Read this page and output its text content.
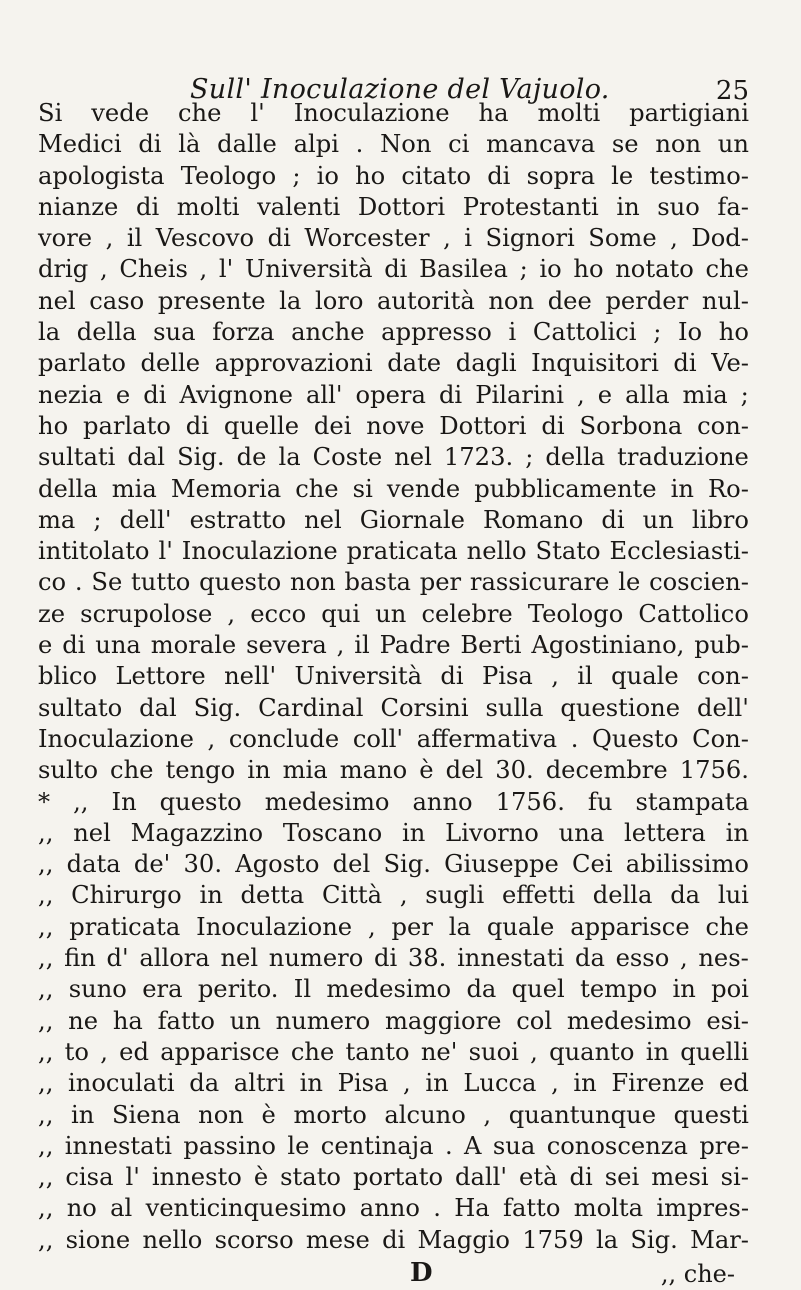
Sull' Inoculazione del Vajuolo.	25
Si vede che l' Inoculazione ha molti partigiani
Medici di là dalle alpi . Non ci mancava se non un
apologista Teologo ; io ho citato di sopra le testimo-
nianze di molti valenti Dottori Protestanti in suo fa-
vore , il Vescovo di Worcester , i Signori Some , Dod-
drig , Cheis , l' Università di Basilea ; io ho notato che
nel caso presente la loro autorità non dee perder nul-
la della sua forza anche appresso i Cattolici ; Io ho
parlato delle approvazioni date dagli Inquisitori di Ve-
nezia e di Avignone all' opera di Pilarini , e alla mia ;
ho parlato di quelle dei nove Dottori di Sorbona con-
sultati dal Sig. de la Coste nel 1723. ; della traduzione
della mia Memoria che si vende pubblicamente in Ro-
ma ; dell' estratto nel Giornale Romano di un libro
intitolato l' Inoculazione praticata nello Stato Ecclesiasti-
co . Se tutto questo non basta per rassicurare le coscien-
ze scrupolose , ecco qui un celebre Teologo Cattolico
e di una morale severa , il Padre Berti Agostiniano, pub-
blico Lettore nell' Università di Pisa , il quale con-
sultato dal Sig. Cardinal Corsini sulla questione dell'
Inoculazione , conclude coll' affermativa . Questo Con-
sulto che tengo in mia mano è del 30. decembre 1756.
* ,, In questo medesimo anno 1756. fu stampata
,, nel Magazzino Toscano in Livorno una lettera in
,, data de' 30. Agosto del Sig. Giuseppe Cei abilissimo
,, Chirurgo in detta Città , sugli effetti della da lui
,, praticata Inoculazione , per la quale apparisce che
,, fin d' allora nel numero di 38. innestati da esso , nes-
,, suno era perito. Il medesimo da quel tempo in poi
,, ne ha fatto un numero maggiore col medesimo esi-
,, to , ed apparisce che tanto ne' suoi , quanto in quelli
,, inoculati da altri in Pisa , in Lucca , in Firenze ed
,, in Siena non è morto alcuno , quantunque questi
,, innestati passino le centinaja . A sua conoscenza pre-
,, cisa l' innesto è stato portato dall' età di sei mesi si-
,, no al venticinquesimo anno . Ha fatto molta impres-
,, sione nello scorso mese di Maggio 1759 la Sig. Mar-
D	,, che-
